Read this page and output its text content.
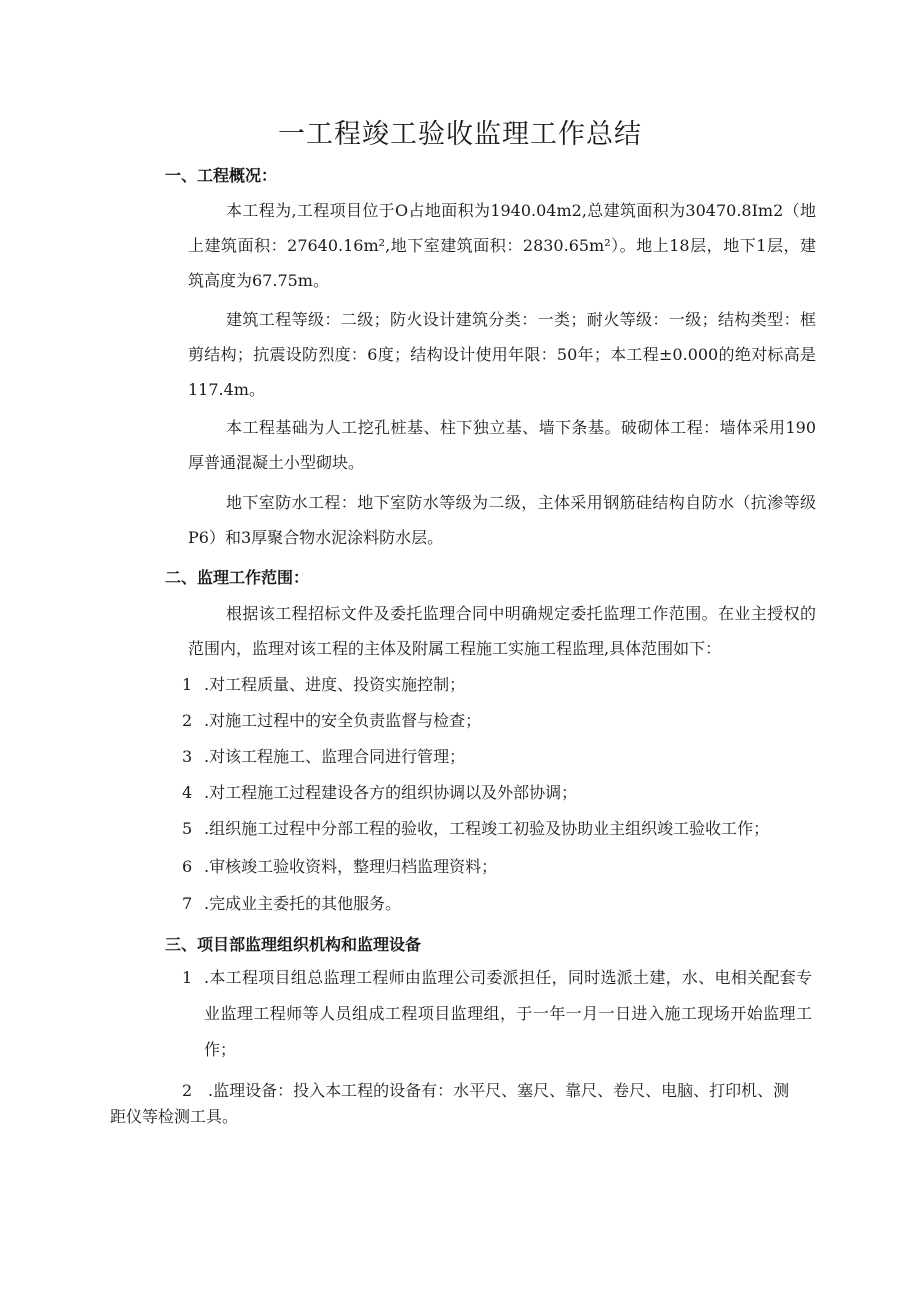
一工程竣工验收监理工作总结
一、工程概况：

本工程为,工程项目位于O占地面积为1940.04m2,总建筑面积为30470.8Im2（地上建筑面积：27640.16m²,地下室建筑面积：2830.65m²）。地上18层，地下1层，建筑高度为67.75m。

建筑工程等级：二级；防火设计建筑分类：一类；耐火等级：一级；结构类型：框剪结构；抗震设防烈度：6度；结构设计使用年限：50年；本工程±0.000的绝对标高是117.4m。

本工程基础为人工挖孔桩基、柱下独立基、墙下条基。破砌体工程：墙体采用190厚普通混凝土小型砌块。

地下室防水工程：地下室防水等级为二级，主体采用钢筋硅结构自防水（抗渗等级P6）和3厚聚合物水泥涂料防水层。

二、监理工作范围：

根据该工程招标文件及委托监理合同中明确规定委托监理工作范围。在业主授权的范围内，监理对该工程的主体及附属工程施工实施工程监理,具体范围如下：

1 .对工程质量、进度、投资实施控制；

2 .对施工过程中的安全负责监督与检查；

3 .对该工程施工、监理合同进行管理；

4 .对工程施工过程建设各方的组织协调以及外部协调；

5 .组织施工过程中分部工程的验收，工程竣工初验及协助业主组织竣工验收工作；

6 .审核竣工验收资料，整理归档监理资料；

7 .完成业主委托的其他服务。

三、项目部监理组织机构和监理设备
1 .本工程项目组总监理工程师由监理公司委派担任，同时选派土建，水、电相关配套专业监理工程师等人员组成工程项目监理组，于一年一月一日进入施工现场开始监理工作；

2 .监理设备：投入本工程的设备有：水平尺、塞尺、靠尺、卷尺、电脑、打印机、测距仪等检测工具。
